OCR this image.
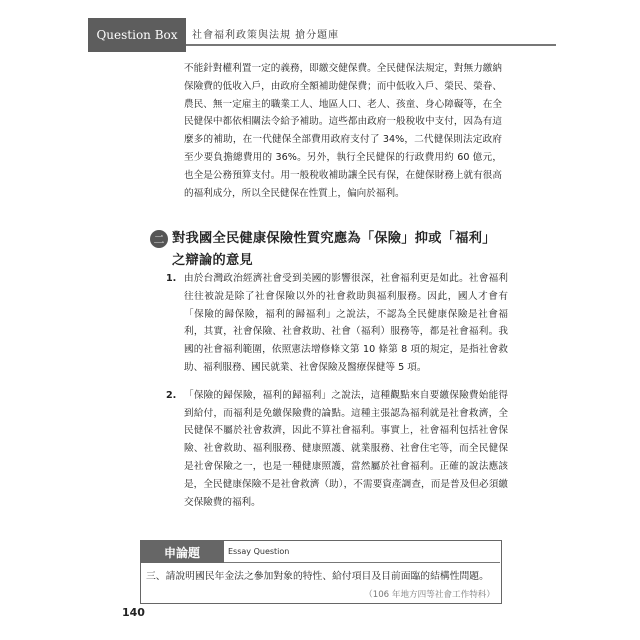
Question Box 社會福利政策與法規 搶分題庫
不能針對權利置一定的義務，即繳交健保費。全民健保法規定，對無力繳納保險費的低收入戶，由政府全額補助健保費；而中低收入戶、榮民、榮眷、農民、無一定雇主的職業工人、地區人口、老人、孩童、身心障礙等，在全民健保中都依相關法令給予補助。這些都由政府一般稅收中支付，因為有這麼多的補助，在一代健保全部費用政府支付了 34%，二代健保則法定政府至少要負擔總費用的 36%。另外，執行全民健保的行政費用約 60 億元，也全是公務預算支付。用一般稅收補助讓全民有保，在健保財務上就有很高的福利成分，所以全民健保在性質上，偏向於福利。
二 對我國全民健康保險性質究應為「保險」抑或「福利」之辯論的意見
1. 由於台灣政治經濟社會受到美國的影響很深，社會福利更是如此。社會福利往往被說是除了社會保險以外的社會救助與福利服務。因此，國人才會有「保險的歸保險，福利的歸福利」之說法，不認為全民健康保險是社會福利，其實，社會保險、社會救助、社會（福利）服務等，都是社會福利。我國的社會福利範圍，依照憲法增修條文第 10 條第 8 項的規定，是指社會救助、福利服務、國民就業、社會保險及醫療保健等 5 項。
2. 「保險的歸保險，福利的歸福利」之說法，這種觀點來自要繳保險費始能得到給付，而福利是免繳保險費的論點。這種主張認為福利就是社會救濟，全民健保不屬於社會救濟，因此不算社會福利。事實上，社會福利包括社會保險、社會救助、福利服務、健康照護、就業服務、社會住宅等，而全民健保是社會保險之一，也是一種健康照護，當然屬於社會福利。正確的說法應該是，全民健康保險不是社會救濟（助），不需要資產調查，而是普及但必須繳交保險費的福利。
申論題	Essay Question
三、請說明國民年金法之參加對象的特性、給付項目及目前面臨的結構性問題。
（106 年地方四等社會工作特科）
140
